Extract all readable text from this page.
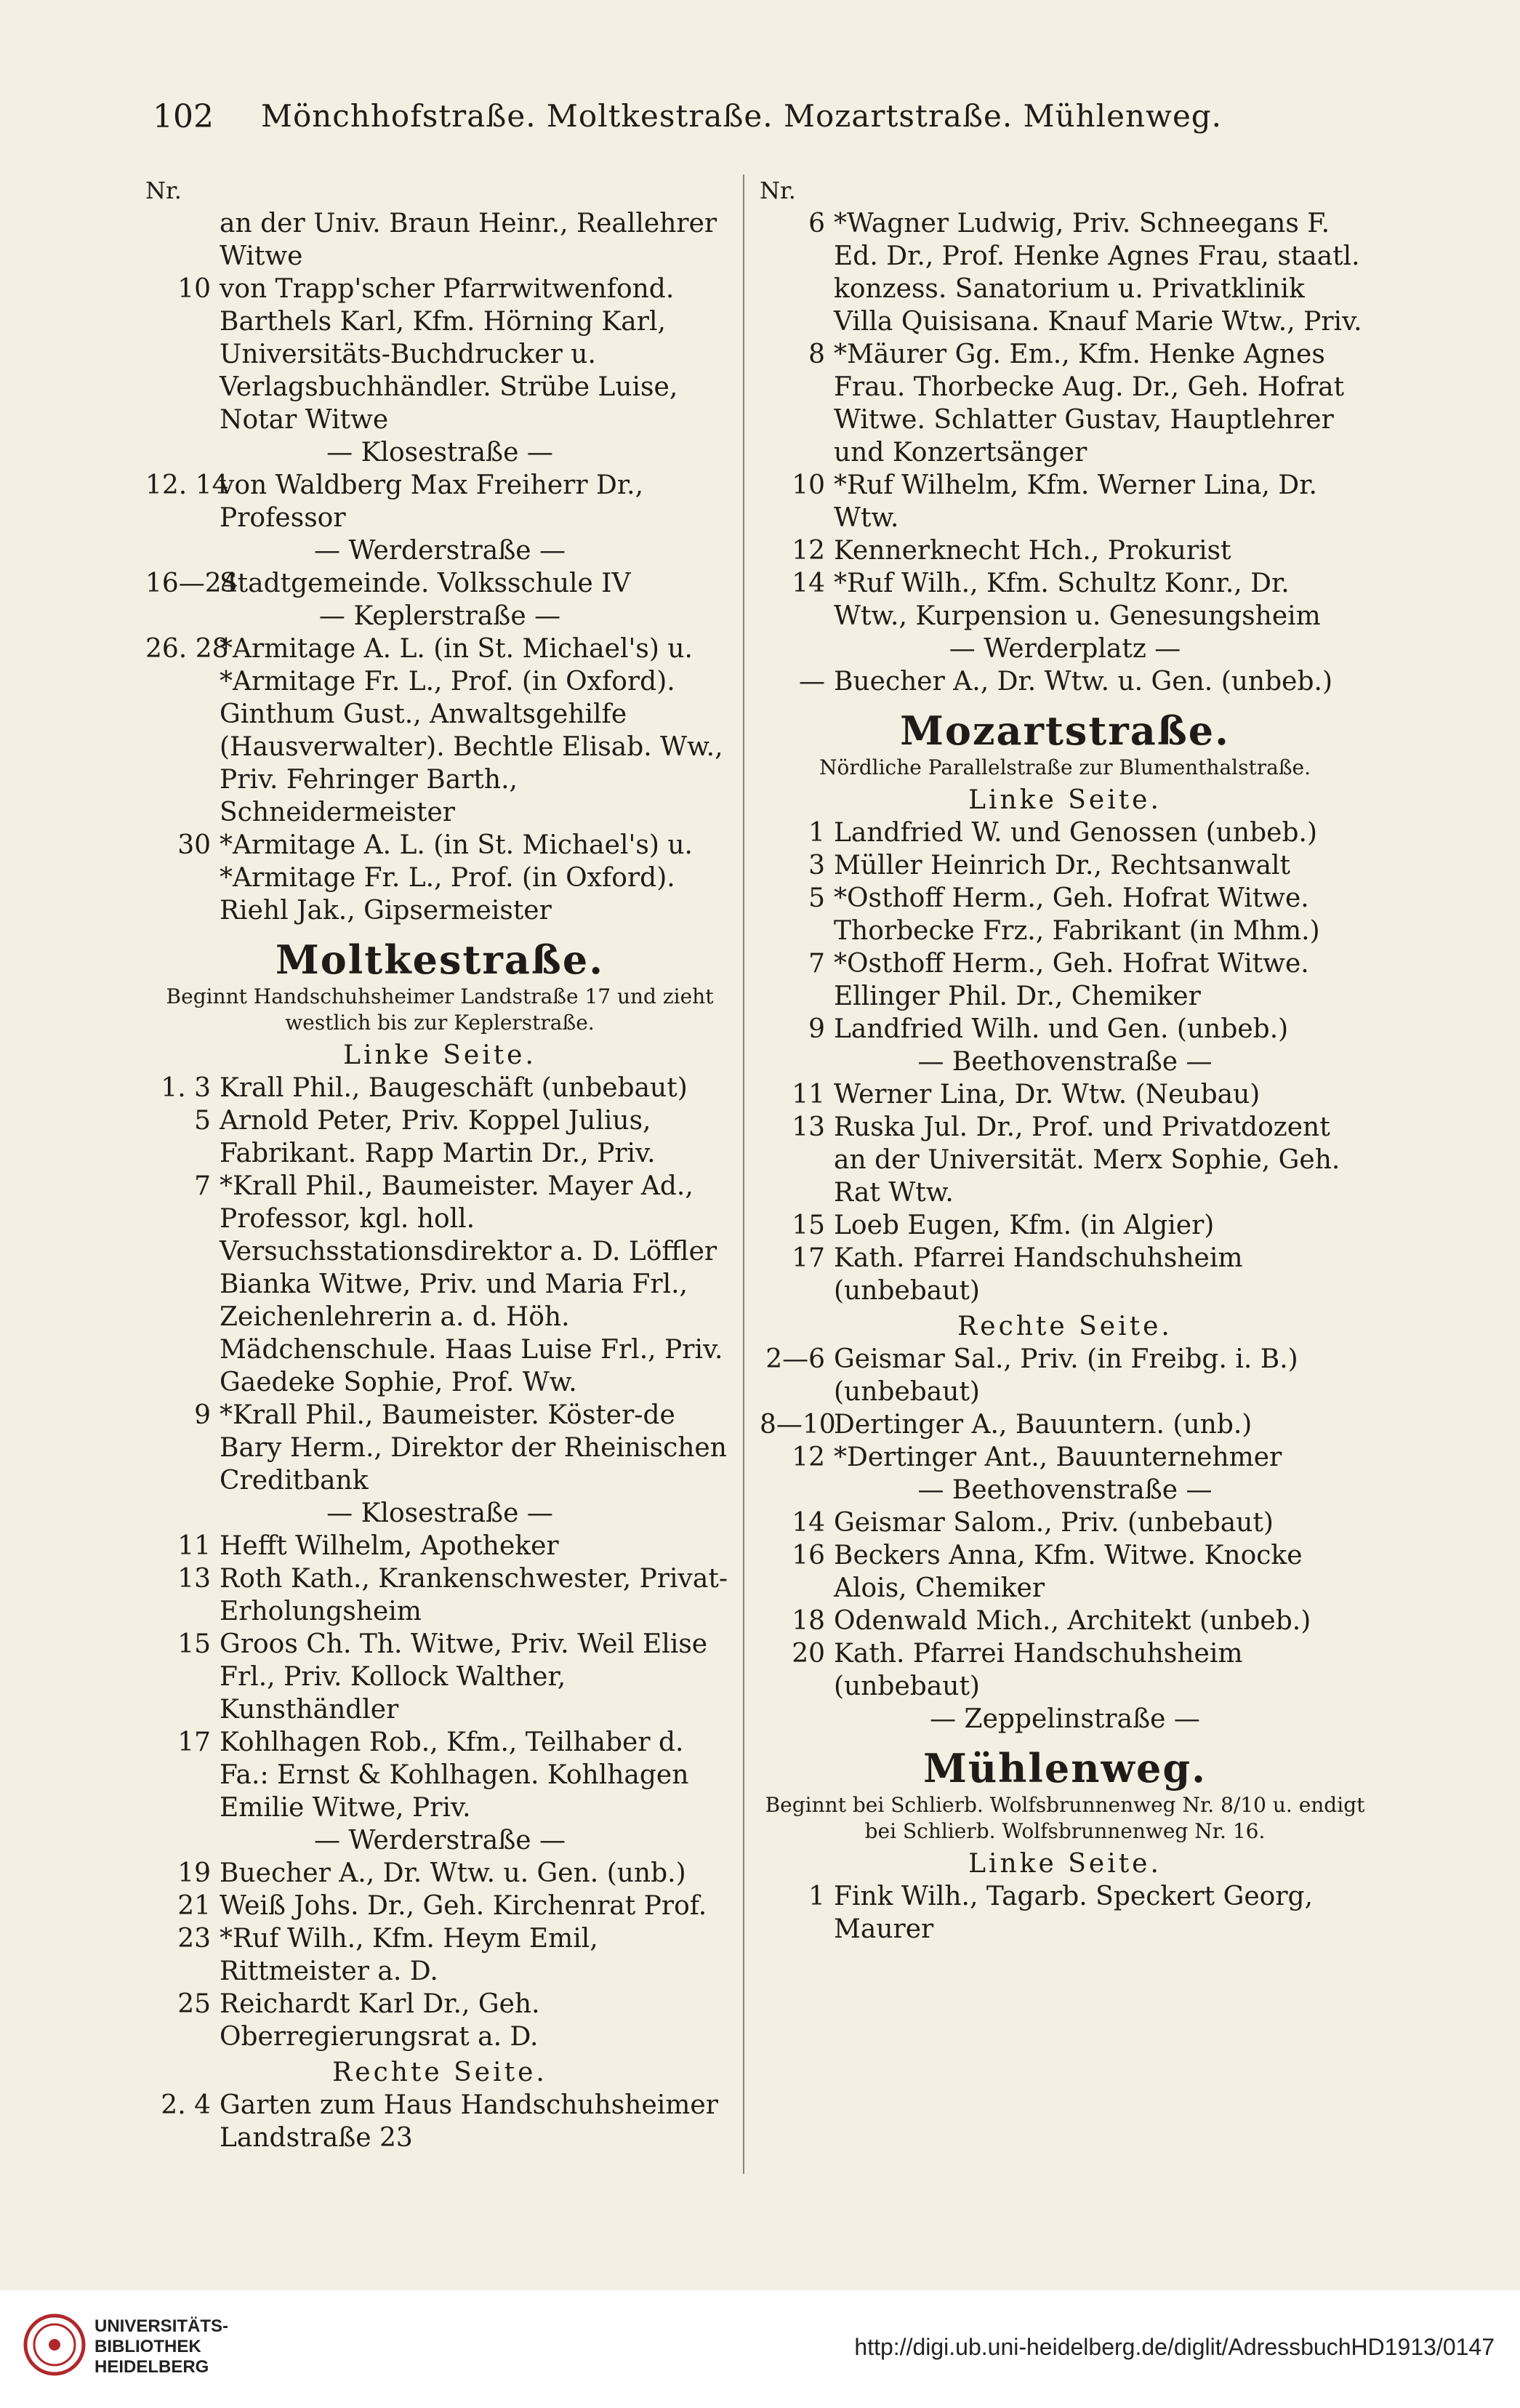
102	Mönchhofstraße. Moltkestraße. Mozartstraße. Mühlenweg.
Nr.
an der Univ. Braun Heinr., Reallehrer Witwe
10 von Trapp'scher Pfarrwitwenfond. Barthels Karl, Kfm. Hörning Karl, Universitäts-Buchdrucker u. Verlagsbuchhändler. Strübe Luise, Notar Witwe
— Klosestraße —
12. 14
von Waldberg Max Freiherr Dr., Professor
— Werderstraße —
16—24
Stadtgemeinde. Volksschule IV
— Keplerstraße —
26. 28
*Armitage A. L. (in St. Michael's) u. *Armitage Fr. L., Prof. (in Oxford). Ginthum Gust., Anwaltsgehilfe (Hausverwalter). Bechtle Elisab. Ww., Priv. Fehringer Barth., Schneidermeister
30 *Armitage A. L. (in St. Michael's) u. *Armitage Fr. L., Prof. (in Oxford). Riehl Jak., Gipsermeister
Moltkestraße.
Beginnt Handschuhsheimer Landstraße 17 und zieht westlich bis zur Keplerstraße.
Linke Seite.
1. 3 Krall Phil., Baugeschäft (unbebaut)
5 Arnold Peter, Priv. Koppel Julius, Fabrikant. Rapp Martin Dr., Priv.
7 *Krall Phil., Baumeister. Mayer Ad., Professor, kgl. holl. Versuchsstationsdirektor a. D. Löffler Bianka Witwe, Priv. und Maria Frl., Zeichenlehrerin a. d. Höh. Mädchenschule. Haas Luise Frl., Priv. Gaedeke Sophie, Prof. Ww.
9 *Krall Phil., Baumeister. Köster-de Bary Herm., Direktor der Rheinischen Creditbank
— Klosestraße —
11 Hefft Wilhelm, Apotheker
13 Roth Kath., Krankenschwester, Privat-Erholungsheim
15 Groos Ch. Th. Witwe, Priv. Weil Elise Frl., Priv. Kollock Walther, Kunsthändler
17 Kohlhagen Rob., Kfm., Teilhaber d. Fa.: Ernst & Kohlhagen. Kohlhagen Emilie Witwe, Priv.
— Werderstraße —
19 Buecher A., Dr. Wtw. u. Gen. (unb.)
21 Weiß Johs. Dr., Geh. Kirchenrat Prof.
23 *Ruf Wilh., Kfm. Heym Emil, Rittmeister a. D.
25 Reichardt Karl Dr., Geh. Oberregierungsrat a. D.
Rechte Seite.
2. 4 Garten zum Haus Handschuhsheimer Landstraße 23
Nr.
6 *Wagner Ludwig, Priv. Schneegans F. Ed. Dr., Prof. Henke Agnes Frau, staatl. konzess. Sanatorium u. Privatklinik Villa Quisisana. Knauf Marie Wtw., Priv.
8 *Mäurer Gg. Em., Kfm. Henke Agnes Frau. Thorbecke Aug. Dr., Geh. Hofrat Witwe. Schlatter Gustav, Hauptlehrer und Konzertsänger
10 *Ruf Wilhelm, Kfm. Werner Lina, Dr. Wtw.
12 Kennerknecht Hch., Prokurist
14 *Ruf Wilh., Kfm. Schultz Konr., Dr. Wtw., Kurpension u. Genesungsheim
— Werderplatz —
— Buecher A., Dr. Wtw. u. Gen. (unbeb.)
Mozartstraße.
Nördliche Parallelstraße zur Blumenthalstraße.
Linke Seite.
1 Landfried W. und Genossen (unbeb.)
3 Müller Heinrich Dr., Rechtsanwalt
5 *Osthoff Herm., Geh. Hofrat Witwe. Thorbecke Frz., Fabrikant (in Mhm.)
7 *Osthoff Herm., Geh. Hofrat Witwe. Ellinger Phil. Dr., Chemiker
9 Landfried Wilh. und Gen. (unbeb.)
— Beethovenstraße —
11 Werner Lina, Dr. Wtw. (Neubau)
13 Ruska Jul. Dr., Prof. und Privatdozent an der Universität. Merx Sophie, Geh. Rat Wtw.
15 Loeb Eugen, Kfm. (in Algier)
17 Kath. Pfarrei Handschuhsheim (unbebaut)
Rechte Seite.
2—6 Geismar Sal., Priv. (in Freibg. i. B.) (unbebaut)
8—10
Dertinger A., Bauuntern. (unb.)
12 *Dertinger Ant., Bauunternehmer
— Beethovenstraße —
14 Geismar Salom., Priv. (unbebaut)
16 Beckers Anna, Kfm. Witwe. Knocke Alois, Chemiker
18 Odenwald Mich., Architekt (unbeb.)
20 Kath. Pfarrei Handschuhsheim (unbebaut)
— Zeppelinstraße —
Mühlenweg.
Beginnt bei Schlierb. Wolfsbrunnenweg Nr. 8/10 u. endigt bei Schlierb. Wolfsbrunnenweg Nr. 16.
Linke Seite.
1 Fink Wilh., Tagarb. Speckert Georg, Maurer
UNIVERSITÄTS-
BIBLIOTHEK
HEIDELBERG
http://digi.ub.uni-heidelberg.de/diglit/AdressbuchHD1913/0147
